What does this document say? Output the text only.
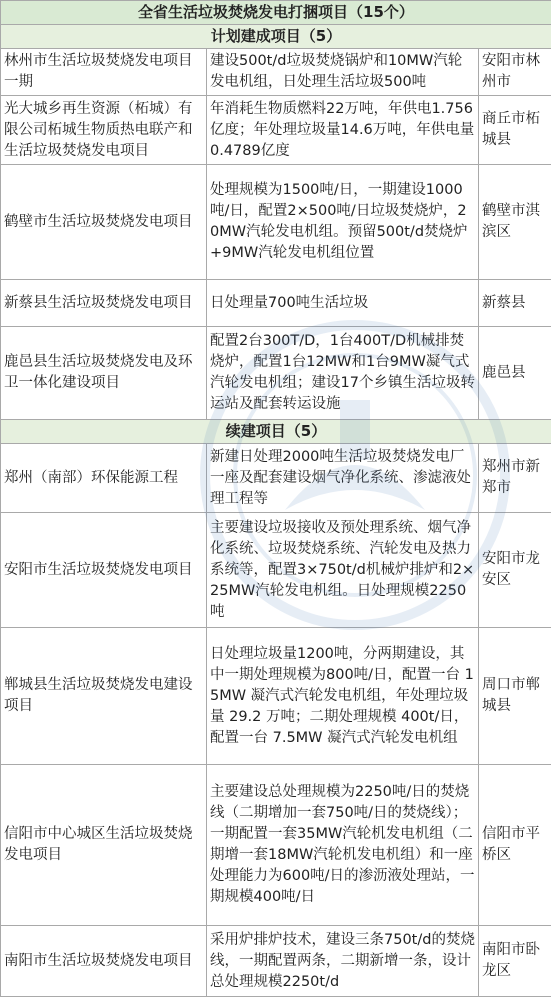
全省生活垃圾焚烧发电打捆项目（15个）		
计划建成项目（5）		
林州市生活垃圾焚烧发电项目一期	建设500t/d垃圾焚烧锅炉和10MW汽轮发电机组，日处理生活垃圾500吨	安阳市林州市
光大城乡再生资源（柘城）有限公司柘城生物质热电联产和生活垃圾焚烧发电项目	年消耗生物质燃料22万吨，年供电1.756亿度；年处理垃圾量14.6万吨，年供电量0.4789亿度	商丘市柘城县
鹤壁市生活垃圾焚烧发电项目	处理规模为1500吨/日，一期建设1000吨/日，配置2×500吨/日垃圾焚烧炉，20MW汽轮发电机组。预留500t/d焚烧炉+9MW汽轮发电机组位置	鹤壁市淇滨区
新蔡县生活垃圾焚烧发电项目	日处理量700吨生活垃圾	新蔡县
鹿邑县生活垃圾焚烧发电及环卫一体化建设项目	配置2台300T/D，1台400T/D机械排焚烧炉，配置1台12MW和1台9MW凝气式汽轮发电机组；建设17个乡镇生活垃圾转运站及配套转运设施	鹿邑县
续建项目（5）		
郑州（南部）环保能源工程	新建日处理2000吨生活垃圾焚烧发电厂一座及配套建设烟气净化系统、渗滤液处理工程等	郑州市新郑市
安阳市生活垃圾焚烧发电项目	主要建设垃圾接收及预处理系统、烟气净化系统、垃圾焚烧系统、汽轮发电及热力系统等，配置3×750t/d机械炉排炉和2×25MW汽轮发电机组。日处理规模2250吨	安阳市龙安区
郸城县生活垃圾焚烧发电建设项目	日处理垃圾量1200吨，分两期建设，其中一期处理规模为800吨/日，配置一台 15MW 凝汽式汽轮发电机组，年处理垃圾量 29.2 万吨；二期处理规模 400t/日，配置一台 7.5MW 凝汽式汽轮发电机组	周口市郸城县
信阳市中心城区生活垃圾焚烧发电项目	主要建设总处理规模为2250吨/日的焚烧线（二期增加一套750吨/日的焚烧线）；一期配置一套35MW汽轮机发电机组（二期增一套18MW汽轮机发电机组）和一座处理能力为600吨/日的渗沥液处理站，一期规模400吨/日	信阳市平桥区
南阳市生活垃圾焚烧发电项目	采用炉排炉技术，建设三条750t/d的焚烧线，一期配置两条，二期新增一条，设计总处理规模2250t/d	南阳市卧龙区
